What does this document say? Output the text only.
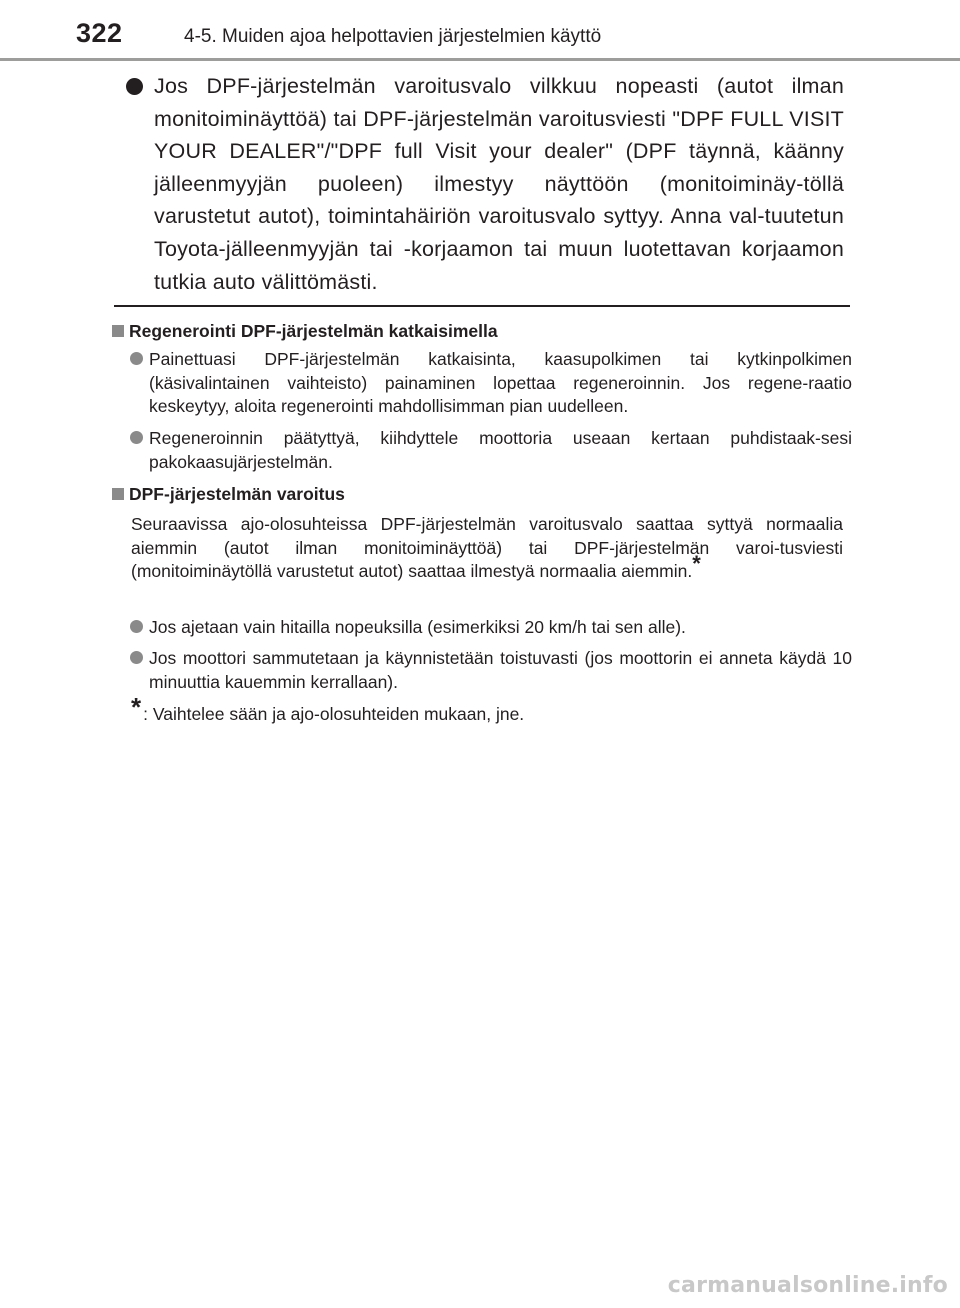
322	4-5. Muiden ajoa helpottavien järjestelmien käyttö

Jos DPF-järjestelmän varoitusvalo vilkkuu nopeasti (autot ilman monitoiminäyttöä) tai DPF-järjestelmän varoitusviesti "DPF FULL VISIT YOUR DEALER"/"DPF full Visit your dealer" (DPF täynnä, käänny jälleenmyyjän puoleen) ilmestyy näyttöön (monitoiminäy-töllä varustetut autot), toimintahäiriön varoitusvalo syttyy. Anna val-tuutetun Toyota-jälleenmyyjän tai -korjaamon tai muun luotettavan korjaamon tutkia auto välittömästi.

Regenerointi DPF-järjestelmän katkaisimella

Painettuasi DPF-järjestelmän katkaisinta, kaasupolkimen tai kytkinpolkimen (käsivalintainen vaihteisto) painaminen lopettaa regeneroinnin. Jos regene-raatio keskeytyy, aloita regenerointi mahdollisimman pian uudelleen.

Regeneroinnin päätyttyä, kiihdyttele moottoria useaan kertaan puhdistaak-sesi pakokaasujärjestelmän.

DPF-järjestelmän varoitus

Seuraavissa ajo-olosuhteissa DPF-järjestelmän varoitusvalo saattaa syttyä normaalia aiemmin (autot ilman monitoiminäyttöä) tai DPF-järjestelmän varoi-tusviesti (monitoiminäytöllä varustetut autot) saattaa ilmestyä normaalia aiemmin.*

Jos ajetaan vain hitailla nopeuksilla (esimerkiksi 20 km/h tai sen alle).

Jos moottori sammutetaan ja käynnistetään toistuvasti (jos moottorin ei anneta käydä 10 minuuttia kauemmin kerrallaan).

* : Vaihtelee sään ja ajo-olosuhteiden mukaan, jne.
carmanualsonline.info
